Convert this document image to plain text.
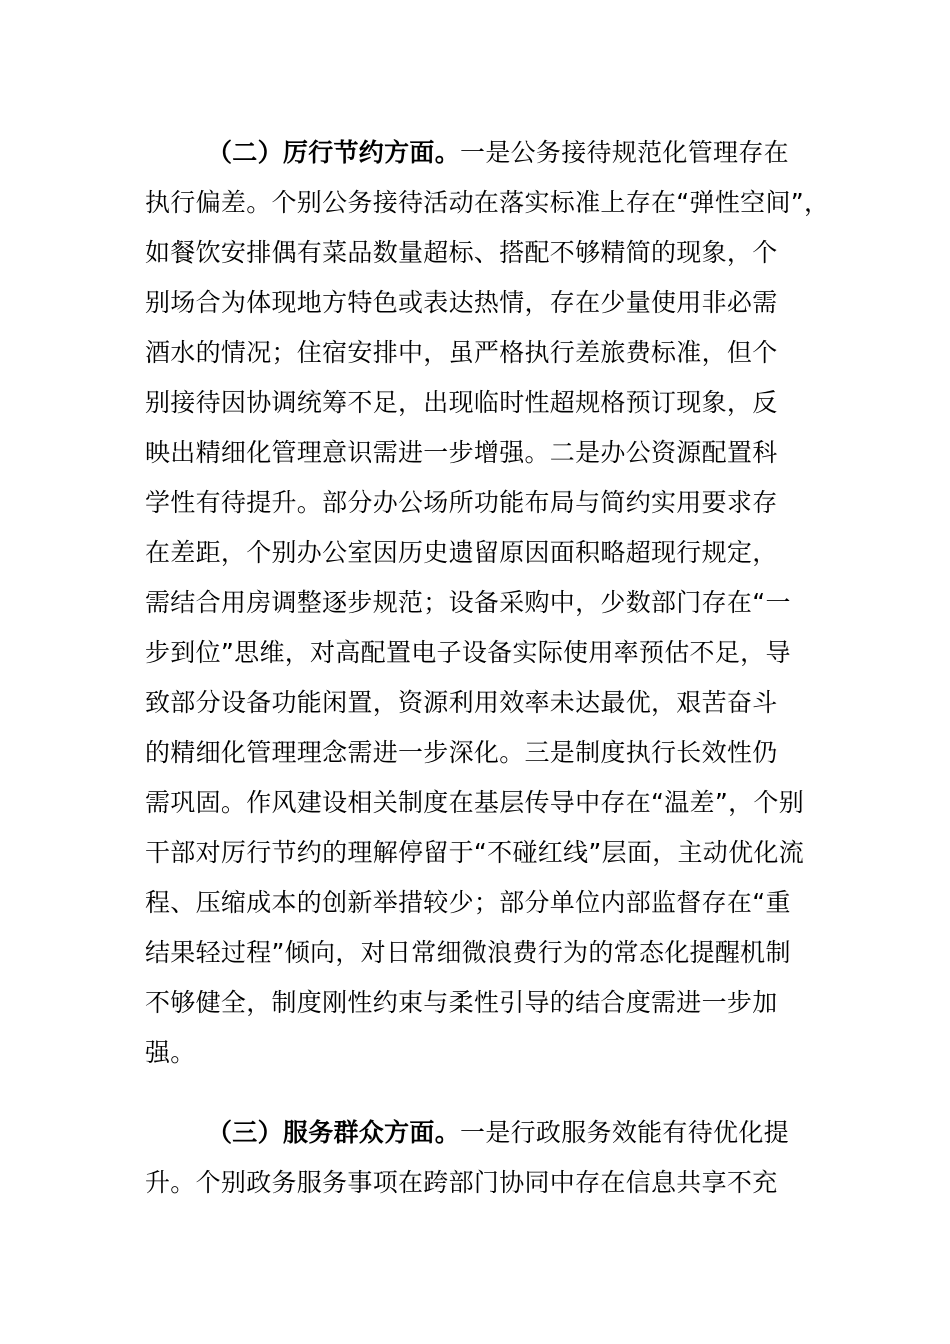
（二）厉行节约方面。一是公务接待规范化管理存在
执行偏差。个别公务接待活动在落实标准上存在“弹性空间”，
如餐饮安排偶有菜品数量超标、搭配不够精简的现象，个
别场合为体现地方特色或表达热情，存在少量使用非必需
酒水的情况；住宿安排中，虽严格执行差旅费标准，但个
别接待因协调统筹不足，出现临时性超规格预订现象，反
映出精细化管理意识需进一步增强。二是办公资源配置科
学性有待提升。部分办公场所功能布局与简约实用要求存
在差距，个别办公室因历史遗留原因面积略超现行规定，
需结合用房调整逐步规范；设备采购中，少数部门存在“一
步到位”思维，对高配置电子设备实际使用率预估不足，导
致部分设备功能闲置，资源利用效率未达最优，艰苦奋斗
的精细化管理理念需进一步深化。三是制度执行长效性仍
需巩固。作风建设相关制度在基层传导中存在“温差”，个别
干部对厉行节约的理解停留于“不碰红线”层面，主动优化流
程、压缩成本的创新举措较少；部分单位内部监督存在“重
结果轻过程”倾向，对日常细微浪费行为的常态化提醒机制
不够健全，制度刚性约束与柔性引导的结合度需进一步加
强。
（三）服务群众方面。一是行政服务效能有待优化提
升。个别政务服务事项在跨部门协同中存在信息共享不充
